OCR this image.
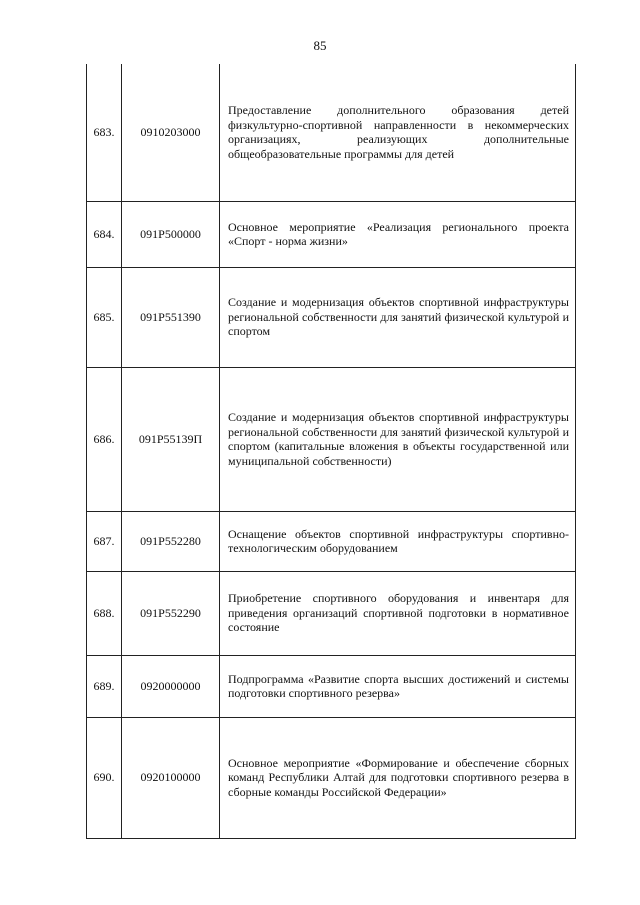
85
683.	0910203000	Предоставление дополнительного образования детей физкультурно-спортивной направленности в некоммерческих организациях, реализующих дополнительные общеобразовательные программы для детей
684.	091P500000	Основное мероприятие «Реализация регионального проекта «Спорт - норма жизни»
685.	091P551390	Создание и модернизация объектов спортивной инфраструктуры региональной собственности для занятий физической культурой и спортом
686.	091P55139П	Создание и модернизация объектов спортивной инфраструктуры региональной собственности для занятий физической культурой и спортом (капитальные вложения в объекты государственной или муниципальной собственности)
687.	091P552280	Оснащение объектов спортивной инфраструктуры спортивно-технологическим оборудованием
688.	091P552290	Приобретение спортивного оборудования и инвентаря для приведения организаций спортивной подготовки в нормативное состояние
689.	0920000000	Подпрограмма «Развитие спорта высших достижений и системы подготовки спортивного резерва»
690.	0920100000	Основное мероприятие «Формирование и обеспечение сборных команд Республики Алтай для подготовки спортивного резерва в сборные команды Российской Федерации»
